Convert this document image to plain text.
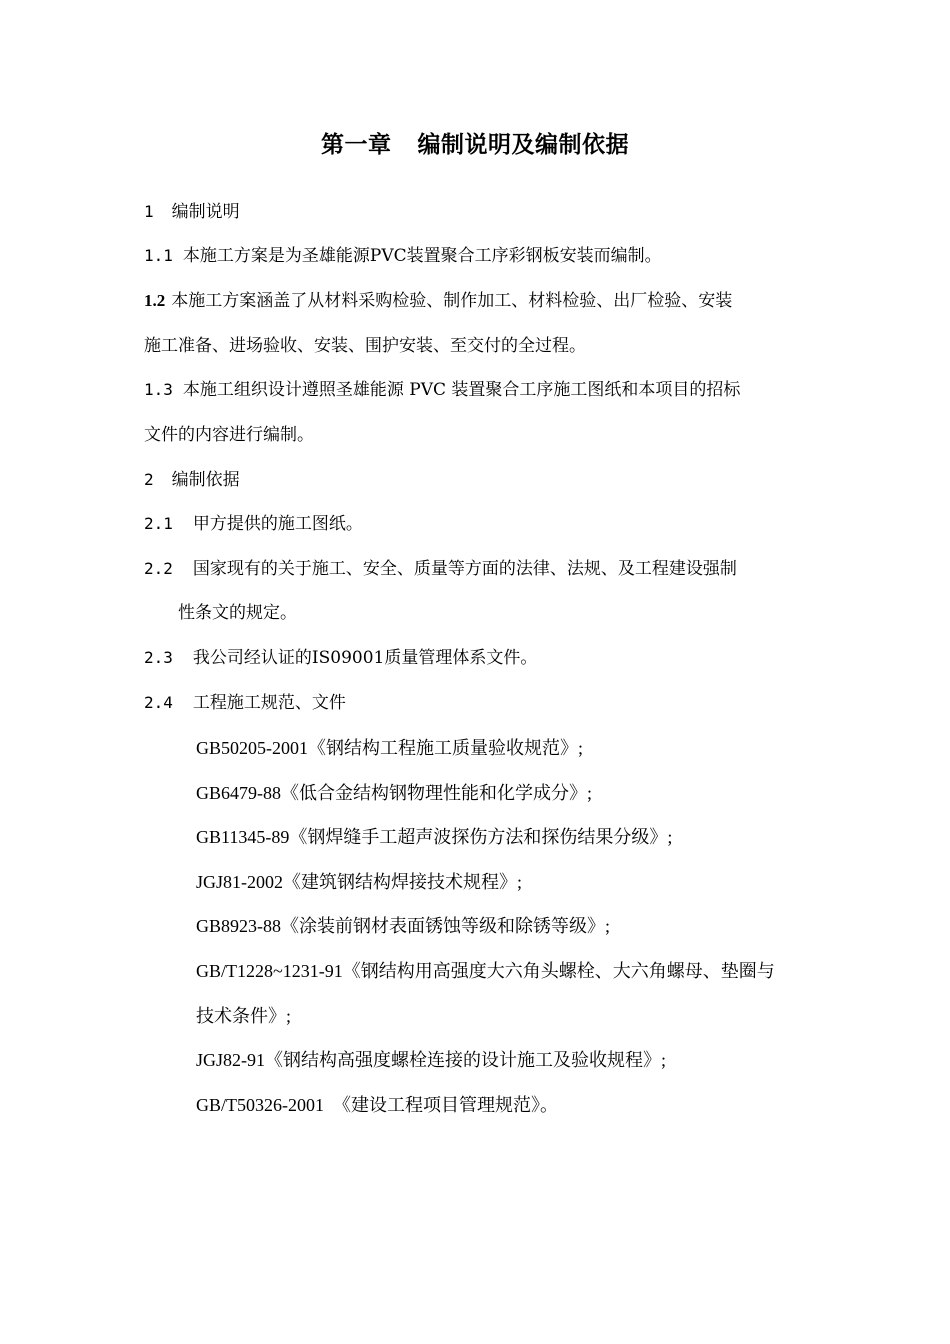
第一章 编制说明及编制依据
1 编制说明
1.1 本施工方案是为圣雄能源PVC装置聚合工序彩钢板安装而编制。
1.2 本施工方案涵盖了从材料采购检验、制作加工、材料检验、出厂检验、安装
施工准备、进场验收、安装、围护安装、至交付的全过程。
1.3 本施工组织设计遵照圣雄能源 PVC 装置聚合工序施工图纸和本项目的招标
文件的内容进行编制。
2 编制依据
2.1 甲方提供的施工图纸。
2.2 国家现有的关于施工、安全、质量等方面的法律、法规、及工程建设强制
性条文的规定。
2.3 我公司经认证的IS09001质量管理体系文件。
2.4 工程施工规范、文件
GB50205-2001《钢结构工程施工质量验收规范》;
GB6479-88《低合金结构钢物理性能和化学成分》;
GB11345-89《钢焊缝手工超声波探伤方法和探伤结果分级》;
JGJ81-2002《建筑钢结构焊接技术规程》;
GB8923-88《涂装前钢材表面锈蚀等级和除锈等级》;
GB/T1228~1231-91《钢结构用高强度大六角头螺栓、大六角螺母、垫圈与
技术条件》;
JGJ82-91《钢结构高强度螺栓连接的设计施工及验收规程》;
GB/T50326-2001　《建设工程项目管理规范》。
